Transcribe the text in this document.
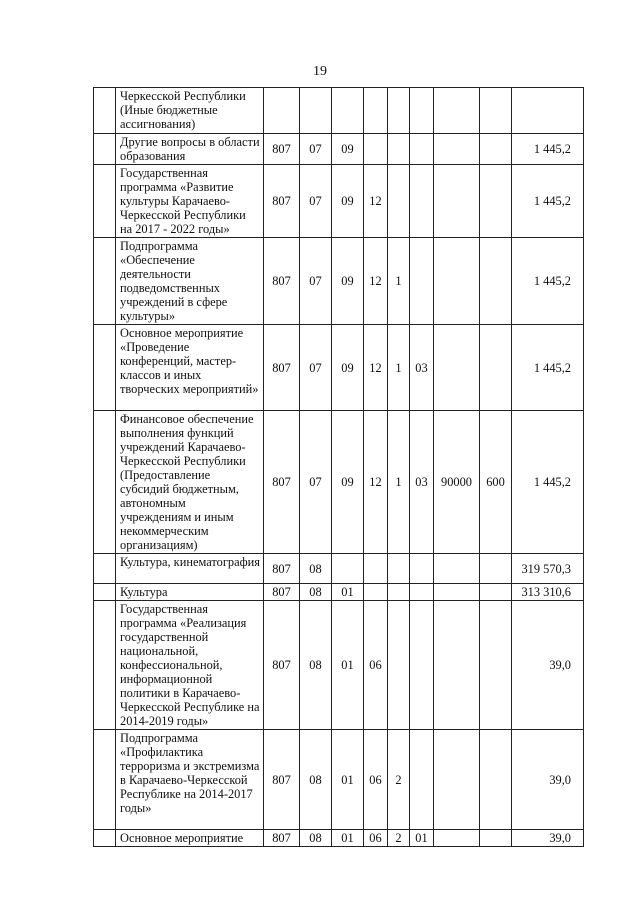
19
	Черкесской Республики (Иные бюджетные ассигнования)									
	Другие вопросы в области образования	807	07	09						1 445,2
	Государственная программа «Развитие культуры Карачаево-Черкесской Республики на 2017 - 2022 годы»	807	07	09	12					1 445,2
	Подпрограмма «Обеспечение деятельности подведомственных учреждений в сфере культуры»	807	07	09	12	1				1 445,2
	Основное мероприятие «Проведение конференций, мастер-классов и иных творческих мероприятий»	807	07	09	12	1	03			1 445,2
	Финансовое обеспечение выполнения функций учреждений Карачаево-Черкесской Республики (Предоставление субсидий бюджетным, автономным учреждениям и иным некоммерческим организациям)	807	07	09	12	1	03	90000	600	1 445,2
	Культура, кинематография	807	08							319 570,3
	Культура	807	08	01						313 310,6
	Государственная программа «Реализация государственной национальной, конфессиональной, информационной политики в Карачаево-Черкесской Республике на 2014-2019 годы»	807	08	01	06					39,0
	Подпрограмма «Профилактика терроризма и экстремизма в Карачаево-Черкесской Республике на 2014-2017 годы»	807	08	01	06	2				39,0
	Основное мероприятие	807	08	01	06	2	01			39,0
